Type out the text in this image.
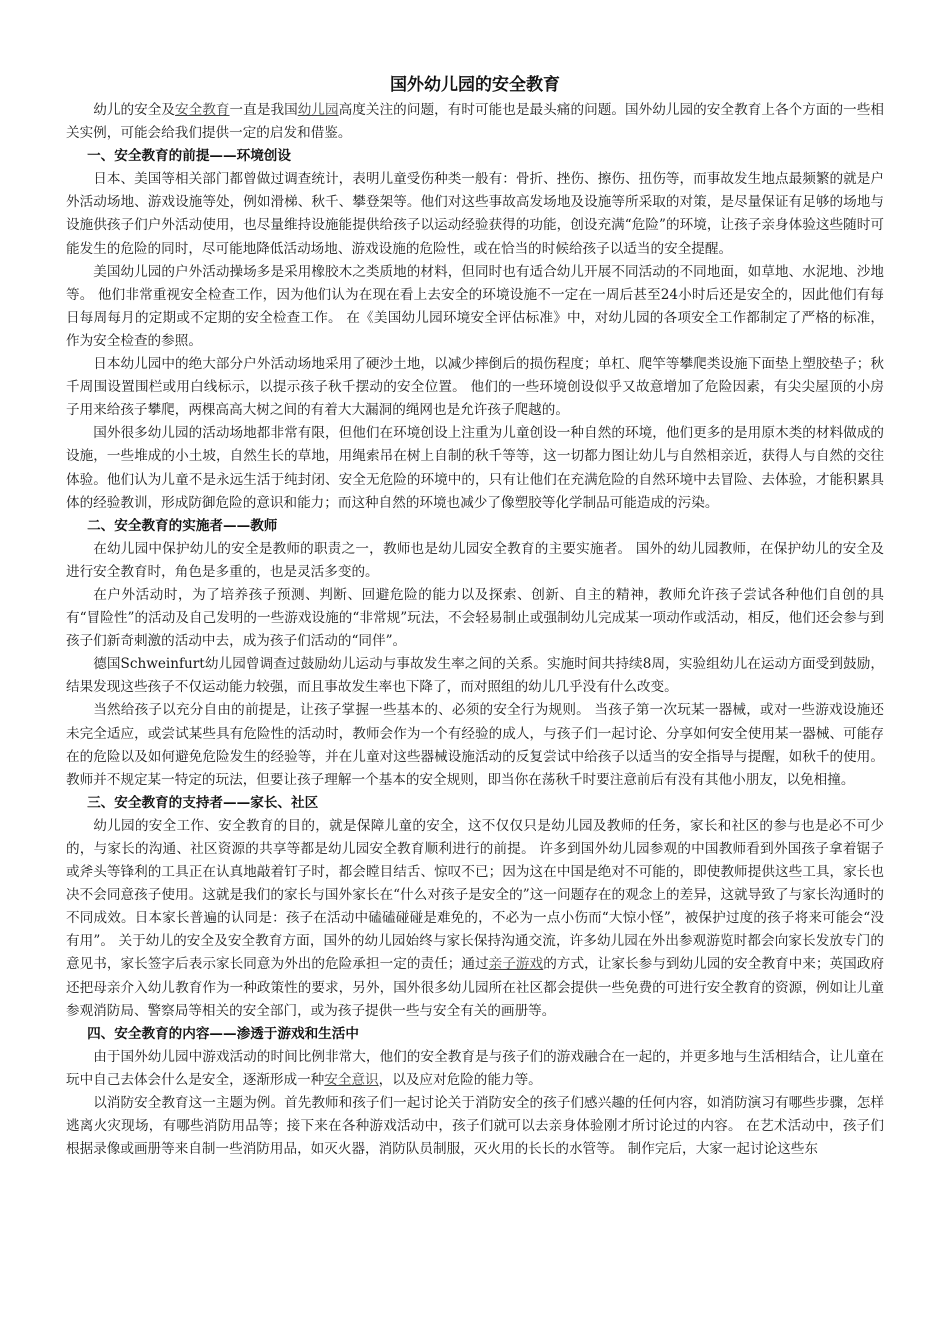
国外幼儿园的安全教育

幼儿的安全及安全教育一直是我国幼儿园高度关注的问题，有时可能也是最头痛的问题。国外幼儿园的安全教育上各个方面的一些相关实例，可能会给我们提供一定的启发和借鉴。

一、安全教育的前提——环境创设

日本、美国等相关部门都曾做过调查统计，表明儿童受伤种类一般有：骨折、挫伤、擦伤、扭伤等，而事故发生地点最频繁的就是户外活动场地、游戏设施等处，例如滑梯、秋千、攀登架等。他们对这些事故高发场地及设施等所采取的对策，是尽量保证有足够的场地与设施供孩子们户外活动使用，也尽量维持设施能提供给孩子以运动经验获得的功能，创设充满“危险”的环境，让孩子亲身体验这些随时可能发生的危险的同时，尽可能地降低活动场地、游戏设施的危险性，或在恰当的时候给孩子以适当的安全提醒。

美国幼儿园的户外活动操场多是采用橡胶木之类质地的材料，但同时也有适合幼儿开展不同活动的不同地面，如草地、水泥地、沙地等。 他们非常重视安全检查工作，因为他们认为在现在看上去安全的环境设施不一定在一周后甚至24小时后还是安全的，因此他们有每日每周每月的定期或不定期的安全检查工作。 在《美国幼儿园环境安全评估标准》中，对幼儿园的各项安全工作都制定了严格的标准，作为安全检查的参照。

日本幼儿园中的绝大部分户外活动场地采用了硬沙土地，以减少摔倒后的损伤程度；单杠、爬竿等攀爬类设施下面垫上塑胶垫子；秋千周围设置围栏或用白线标示，以提示孩子秋千摆动的安全位置。 他们的一些环境创设似乎又故意增加了危险因素，有尖尖屋顶的小房子用来给孩子攀爬，两棵高高大树之间的有着大大漏洞的绳网也是允许孩子爬越的。

国外很多幼儿园的活动场地都非常有限，但他们在环境创设上注重为儿童创设一种自然的环境，他们更多的是用原木类的材料做成的设施，一些堆成的小土坡，自然生长的草地，用绳索吊在树上自制的秋千等等，这一切都力图让幼儿与自然相亲近，获得人与自然的交往体验。他们认为儿童不是永远生活于纯封闭、安全无危险的环境中的，只有让他们在充满危险的自然环境中去冒险、去体验，才能积累具体的经验教训，形成防御危险的意识和能力；而这种自然的环境也减少了像塑胶等化学制品可能造成的污染。

二、安全教育的实施者——教师

在幼儿园中保护幼儿的安全是教师的职责之一，教师也是幼儿园安全教育的主要实施者。 国外的幼儿园教师，在保护幼儿的安全及进行安全教育时，角色是多重的，也是灵活多变的。

在户外活动时，为了培养孩子预测、判断、回避危险的能力以及探索、创新、自主的精神，教师允许孩子尝试各种他们自创的具有“冒险性”的活动及自己发明的一些游戏设施的“非常规”玩法，不会轻易制止或强制幼儿完成某一项动作或活动，相反，他们还会参与到孩子们新奇刺激的活动中去，成为孩子们活动的“同伴”。

德国Schweinfurt幼儿园曾调查过鼓励幼儿运动与事故发生率之间的关系。实施时间共持续8周，实验组幼儿在运动方面受到鼓励，结果发现这些孩子不仅运动能力较强，而且事故发生率也下降了，而对照组的幼儿几乎没有什么改变。

当然给孩子以充分自由的前提是，让孩子掌握一些基本的、必须的安全行为规则。 当孩子第一次玩某一器械，或对一些游戏设施还未完全适应，或尝试某些具有危险性的活动时，教师会作为一个有经验的成人，与孩子们一起讨论、分享如何安全使用某一器械、可能存在的危险以及如何避免危险发生的经验等，并在儿童对这些器械设施活动的反复尝试中给孩子以适当的安全指导与提醒，如秋千的使用。 教师并不规定某一特定的玩法，但要让孩子理解一个基本的安全规则，即当你在荡秋千时要注意前后有没有其他小朋友，以免相撞。

三、安全教育的支持者——家长、社区

幼儿园的安全工作、安全教育的目的，就是保障儿童的安全，这不仅仅只是幼儿园及教师的任务，家长和社区的参与也是必不可少的，与家长的沟通、社区资源的共享等都是幼儿园安全教育顺利进行的前提。 许多到国外幼儿园参观的中国教师看到外国孩子拿着锯子或斧头等锋利的工具正在认真地敲着钉子时，都会瞠目结舌、惊叹不已；因为这在中国是绝对不可能的，即使教师提供这些工具，家长也决不会同意孩子使用。这就是我们的家长与国外家长在“什么对孩子是安全的”这一问题存在的观念上的差异，这就导致了与家长沟通时的不同成效。日本家长普遍的认同是：孩子在活动中磕磕碰碰是难免的，不必为一点小伤而“大惊小怪”，被保护过度的孩子将来可能会“没有用”。 关于幼儿的安全及安全教育方面，国外的幼儿园始终与家长保持沟通交流，许多幼儿园在外出参观游览时都会向家长发放专门的意见书，家长签字后表示家长同意为外出的危险承担一定的责任；通过亲子游戏的方式，让家长参与到幼儿园的安全教育中来；英国政府还把母亲介入幼儿教育作为一种政策性的要求，另外，国外很多幼儿园所在社区都会提供一些免费的可进行安全教育的资源，例如让儿童参观消防局、警察局等相关的安全部门，或为孩子提供一些与安全有关的画册等。

四、安全教育的内容——渗透于游戏和生活中

由于国外幼儿园中游戏活动的时间比例非常大，他们的安全教育是与孩子们的游戏融合在一起的，并更多地与生活相结合，让儿童在玩中自己去体会什么是安全，逐渐形成一种安全意识，以及应对危险的能力等。

以消防安全教育这一主题为例。首先教师和孩子们一起讨论关于消防安全的孩子们感兴趣的任何内容，如消防演习有哪些步骤，怎样逃离火灾现场，有哪些消防用品等；接下来在各种游戏活动中，孩子们就可以去亲身体验刚才所讨论过的内容。 在艺术活动中，孩子们根据录像或画册等来自制一些消防用品，如灭火器，消防队员制服，灭火用的长长的水管等。 制作完后，大家一起讨论这些东
